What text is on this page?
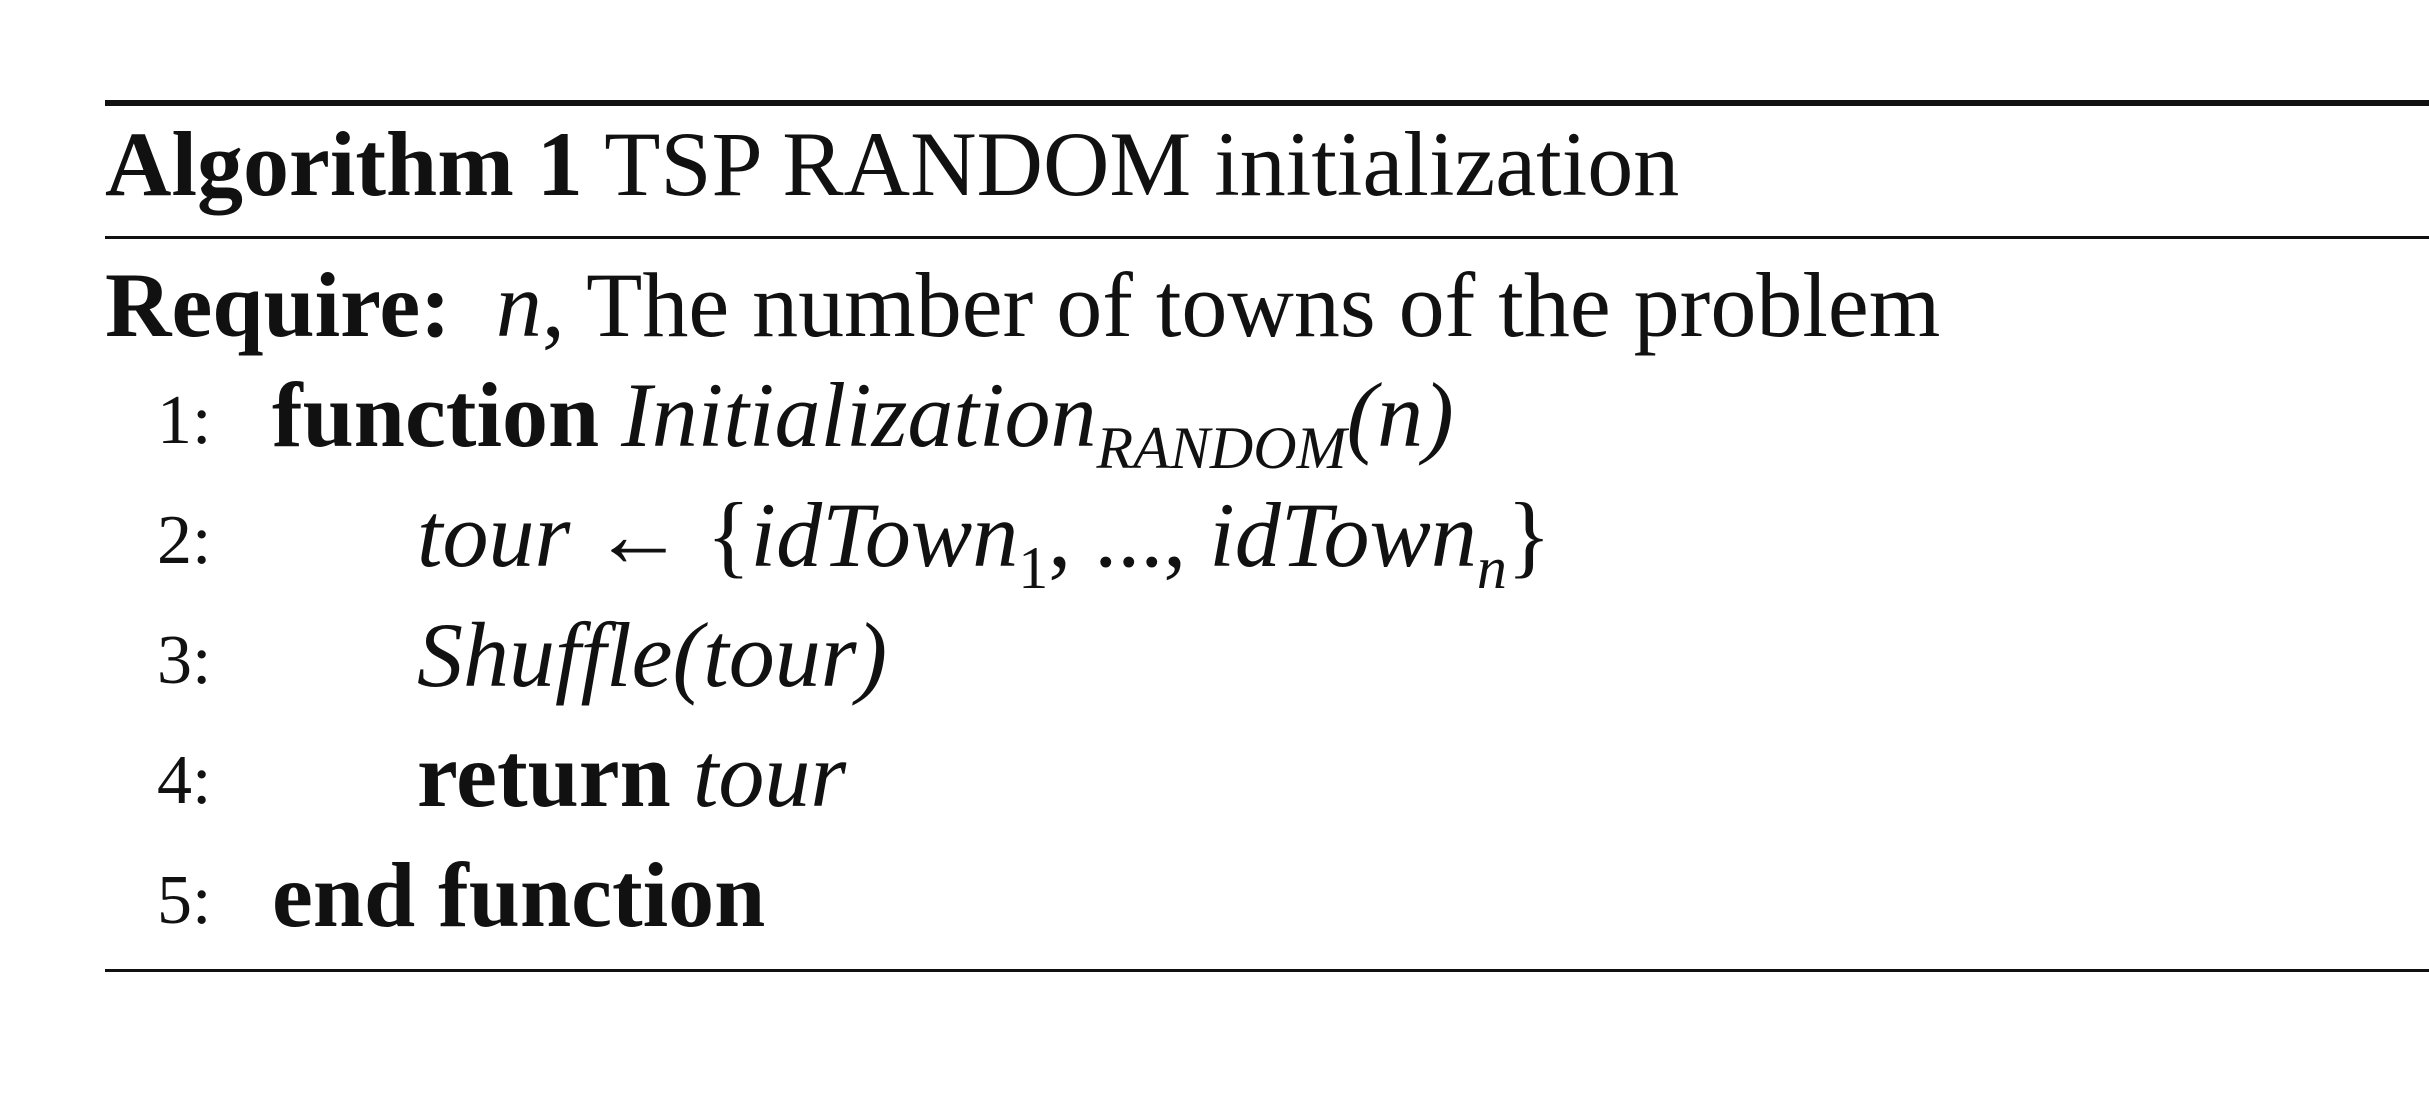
Algorithm 1 TSP RANDOM initialization
Require: n, The number of towns of the problem
1: function Initialization$_{RANDOM}$(n)
2: tour ← {idTown$_1$, ..., idTown$_n$}
3: Shuffle(tour)
4: return tour
5: end function
